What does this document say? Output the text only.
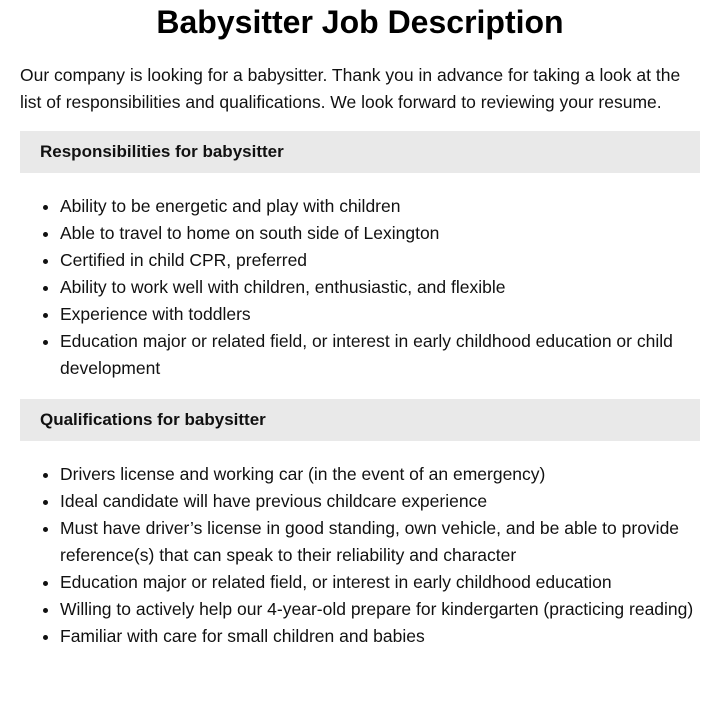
Babysitter Job Description

Our company is looking for a babysitter. Thank you in advance for taking a look at the list of responsibilities and qualifications. We look forward to reviewing your resume.

Responsibilities for babysitter
• Ability to be energetic and play with children
• Able to travel to home on south side of Lexington
• Certified in child CPR, preferred
• Ability to work well with children, enthusiastic, and flexible
• Experience with toddlers
• Education major or related field, or interest in early childhood education or child development
Qualifications for babysitter
• Drivers license and working car (in the event of an emergency)
• Ideal candidate will have previous childcare experience
• Must have driver’s license in good standing, own vehicle, and be able to provide reference(s) that can speak to their reliability and character
• Education major or related field, or interest in early childhood education
• Willing to actively help our 4-year-old prepare for kindergarten (practicing reading)
• Familiar with care for small children and babies
